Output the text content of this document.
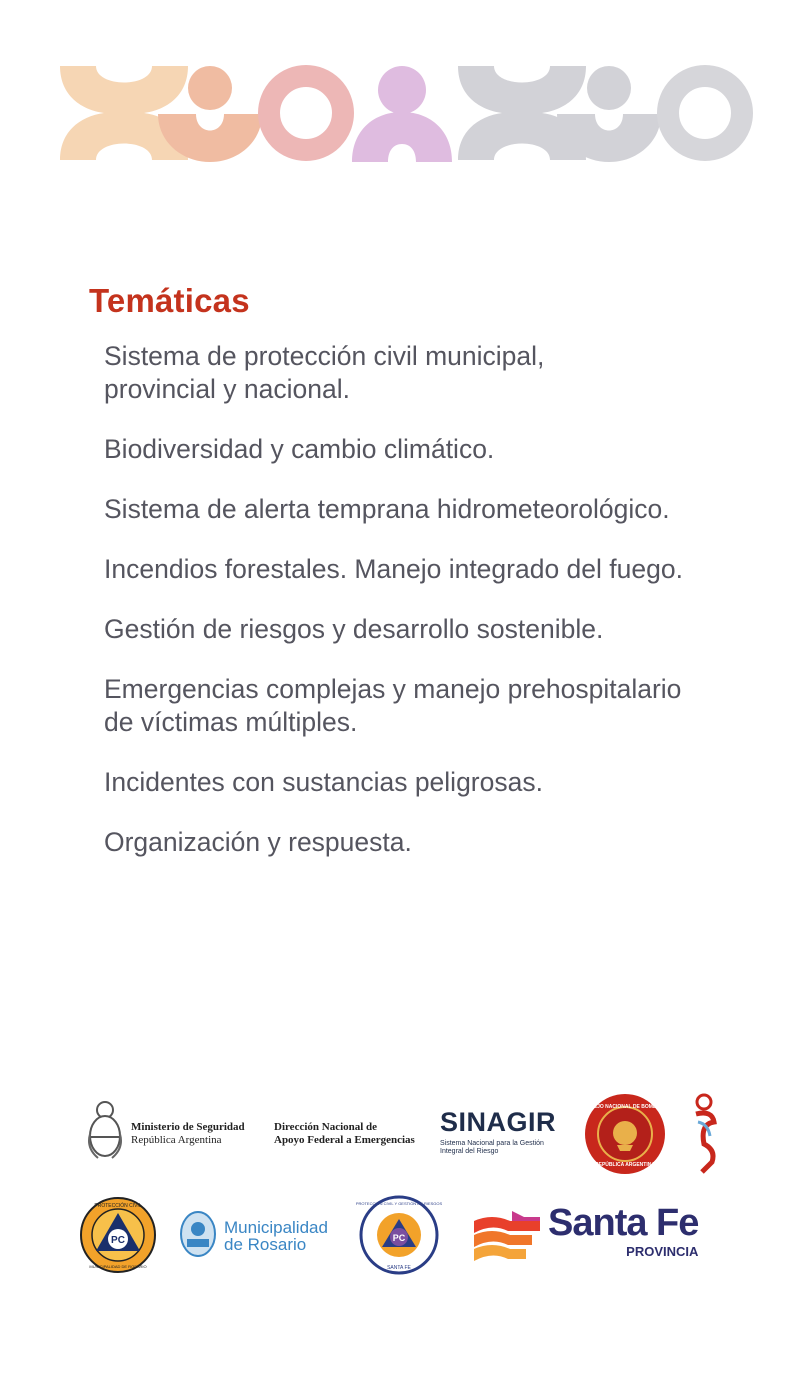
Temáticas
Sistema de protección civil municipal,
provincial y nacional.
Biodiversidad y cambio climático.
Sistema de alerta temprana hidrometeorológico.
Incendios forestales. Manejo integrado del fuego.
Gestión de riesgos y desarrollo sostenible.
Emergencias complejas y manejo prehospitalario
de víctimas múltiples.
Incidentes con sustancias peligrosas.
Organización y respuesta.
Ministerio de Seguridad
República Argentina
Dirección Nacional de
Apoyo Federal a Emergencias
SINAGIR
Sistema Nacional para la Gestión
Integral del Riesgo
CONSEJO NACIONAL DE BOMBEROS
REPÚBLICA ARGENTINA
PC
PROTECCIÓN CIVIL
MUNICIPALIDAD DE ROSARIO
Municipalidad
de Rosario	PC
PROTECCIÓN CIVIL Y GESTIÓN DE RIESGOS
SANTA FE
Santa Fe
PROVINCIA
